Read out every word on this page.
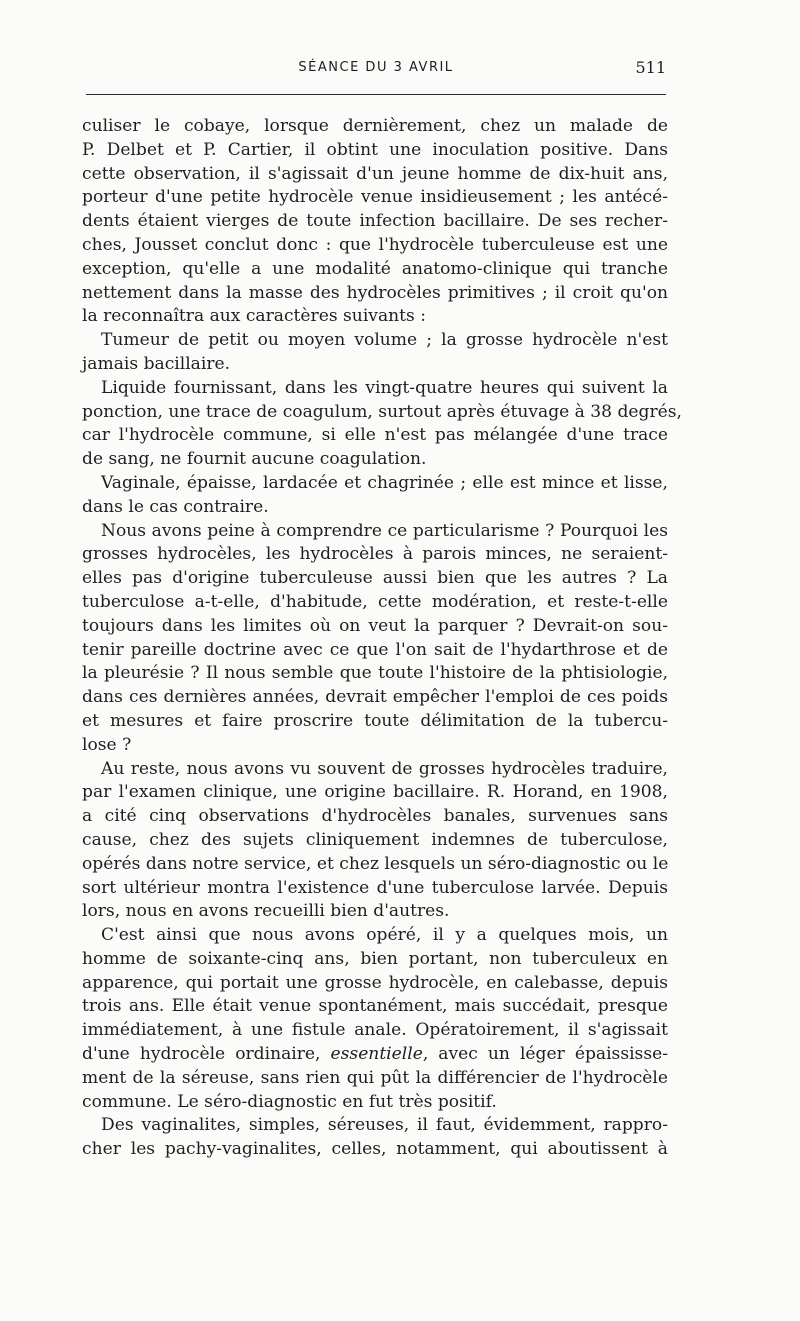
SÉANCE DU 3 AVRIL	511
culiser le cobaye, lorsque dernièrement, chez un malade de
P. Delbet et P. Cartier, il obtint une inoculation positive. Dans
cette observation, il s'agissait d'un jeune homme de dix-huit ans,
porteur d'une petite hydrocèle venue insidieusement ; les antécé-
dents étaient vierges de toute infection bacillaire. De ses recher-
ches, Jousset conclut donc : que l'hydrocèle tuberculeuse est une
exception, qu'elle a une modalité anatomo-clinique qui tranche
nettement dans la masse des hydrocèles primitives ; il croit qu'on
la reconnaîtra aux caractères suivants :
Tumeur de petit ou moyen volume ; la grosse hydrocèle n'est
jamais bacillaire.
Liquide fournissant, dans les vingt-quatre heures qui suivent la
ponction, une trace de coagulum, surtout après étuvage à 38 degrés,
car l'hydrocèle commune, si elle n'est pas mélangée d'une trace
de sang, ne fournit aucune coagulation.
Vaginale, épaisse, lardacée et chagrinée ; elle est mince et lisse,
dans le cas contraire.
Nous avons peine à comprendre ce particularisme ? Pourquoi les
grosses hydrocèles, les hydrocèles à parois minces, ne seraient-
elles pas d'origine tuberculeuse aussi bien que les autres ? La
tuberculose a-t-elle, d'habitude, cette modération, et reste-t-elle
toujours dans les limites où on veut la parquer ? Devrait-on sou-
tenir pareille doctrine avec ce que l'on sait de l'hydarthrose et de
la pleurésie ? Il nous semble que toute l'histoire de la phtisiologie,
dans ces dernières années, devrait empêcher l'emploi de ces poids
et mesures et faire proscrire toute délimitation de la tubercu-
lose ?
Au reste, nous avons vu souvent de grosses hydrocèles traduire,
par l'examen clinique, une origine bacillaire. R. Horand, en 1908,
a cité cinq observations d'hydrocèles banales, survenues sans
cause, chez des sujets cliniquement indemnes de tuberculose,
opérés dans notre service, et chez lesquels un séro-diagnostic ou le
sort ultérieur montra l'existence d'une tuberculose larvée. Depuis
lors, nous en avons recueilli bien d'autres.
C'est ainsi que nous avons opéré, il y a quelques mois, un
homme de soixante-cinq ans, bien portant, non tuberculeux en
apparence, qui portait une grosse hydrocèle, en calebasse, depuis
trois ans. Elle était venue spontanément, mais succédait, presque
immédiatement, à une fistule anale. Opératoirement, il s'agissait
d'une hydrocèle ordinaire, essentielle, avec un léger épaississe-
ment de la séreuse, sans rien qui pût la différencier de l'hydrocèle
commune. Le séro-diagnostic en fut très positif.
Des vaginalites, simples, séreuses, il faut, évidemment, rappro-
cher les pachy-vaginalites, celles, notamment, qui aboutissent à
